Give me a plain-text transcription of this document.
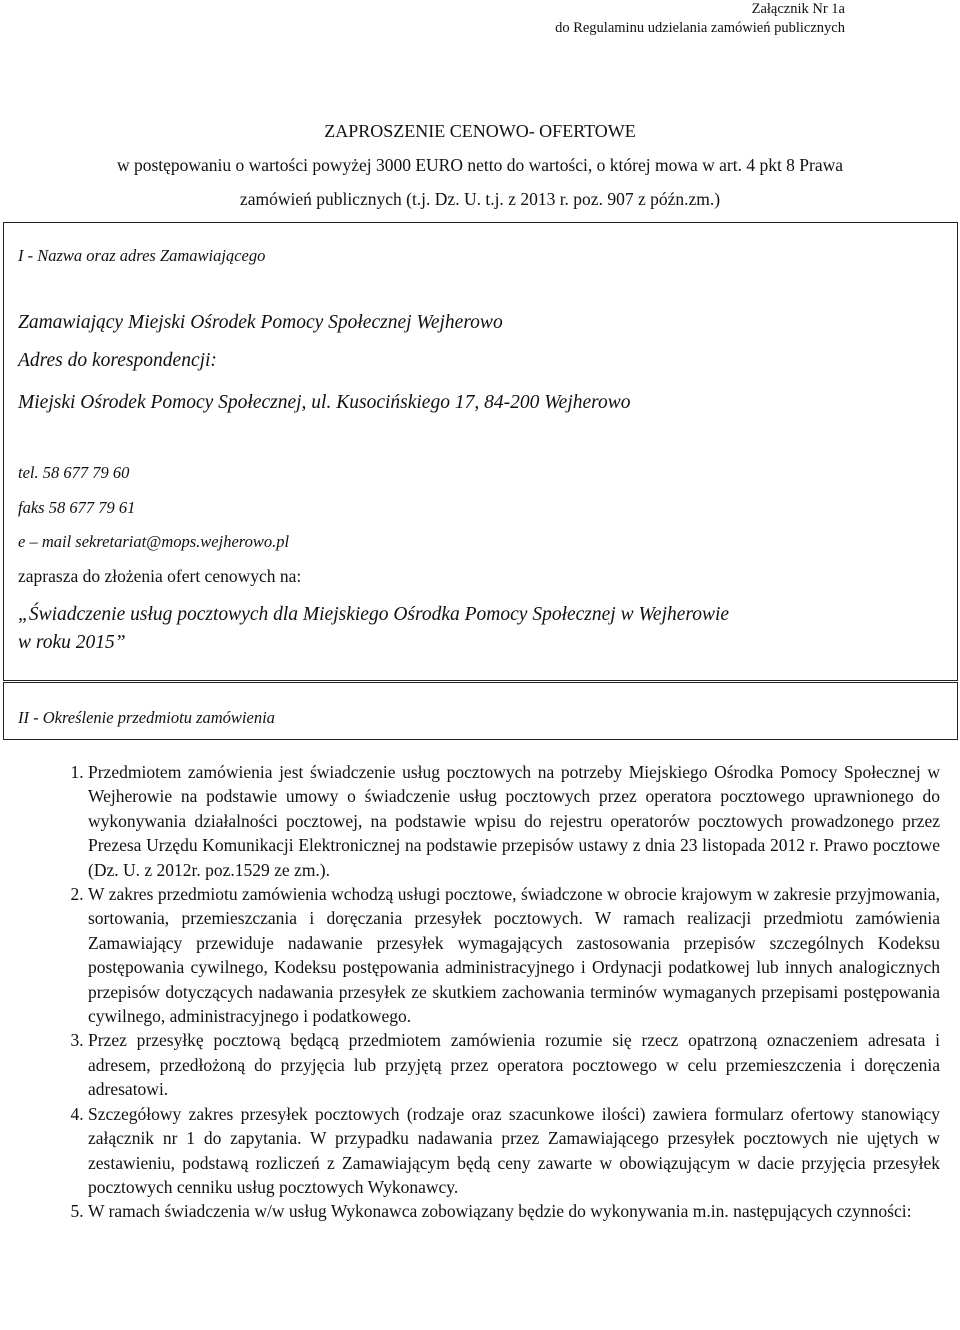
Załącznik Nr 1a
do Regulaminu udzielania zamówień publicznych
ZAPROSZENIE CENOWO- OFERTOWE
w postępowaniu o wartości powyżej 3000 EURO netto do wartości, o której mowa w art. 4 pkt 8 Prawa
zamówień publicznych (t.j. Dz. U. t.j. z 2013 r. poz. 907 z późn.zm.)
I - Nazwa oraz adres Zamawiającego
Zamawiający Miejski Ośrodek Pomocy Społecznej Wejherowo
Adres do korespondencji:
Miejski Ośrodek Pomocy Społecznej, ul. Kusocińskiego 17, 84-200 Wejherowo
tel. 58 677 79 60
faks 58 677 79 61
e – mail sekretariat@mops.wejherowo.pl
zaprasza do złożenia ofert cenowych na:
„Świadczenie usług pocztowych dla Miejskiego Ośrodka Pomocy Społecznej w Wejherowie
w roku 2015”
II - Określenie przedmiotu zamówienia
1. Przedmiotem zamówienia jest świadczenie usług pocztowych na potrzeby Miejskiego Ośrodka Pomocy Społecznej w Wejherowie na podstawie umowy o świadczenie usług pocztowych przez operatora pocztowego uprawnionego do wykonywania działalności pocztowej, na podstawie wpisu do rejestru operatorów pocztowych prowadzonego przez Prezesa Urzędu Komunikacji Elektronicznej na podstawie przepisów ustawy z dnia 23 listopada 2012 r. Prawo pocztowe (Dz. U. z 2012r. poz.1529 ze zm.).
2. W zakres przedmiotu zamówienia wchodzą usługi pocztowe, świadczone w obrocie krajowym w zakresie przyjmowania, sortowania, przemieszczania i doręczania przesyłek pocztowych. W ramach realizacji przedmiotu zamówienia Zamawiający przewiduje nadawanie przesyłek wymagających zastosowania przepisów szczególnych Kodeksu postępowania cywilnego, Kodeksu postępowania administracyjnego i Ordynacji podatkowej lub innych analogicznych przepisów dotyczących nadawania przesyłek ze skutkiem zachowania terminów wymaganych przepisami postępowania cywilnego, administracyjnego i podatkowego.
3. Przez przesyłkę pocztową będącą przedmiotem zamówienia rozumie się rzecz opatrzoną oznaczeniem adresata i adresem, przedłożoną do przyjęcia lub przyjętą przez operatora pocztowego w celu przemieszczenia i doręczenia adresatowi.
4. Szczegółowy zakres przesyłek pocztowych (rodzaje oraz szacunkowe ilości) zawiera formularz ofertowy stanowiący załącznik nr 1 do zapytania. W przypadku nadawania przez Zamawiającego przesyłek pocztowych nie ujętych w zestawieniu, podstawą rozliczeń z Zamawiającym będą ceny zawarte w obowiązującym w dacie przyjęcia przesyłek pocztowych cenniku usług pocztowych Wykonawcy.
5. W ramach świadczenia w/w usług Wykonawca zobowiązany będzie do wykonywania m.in. następujących czynności:
